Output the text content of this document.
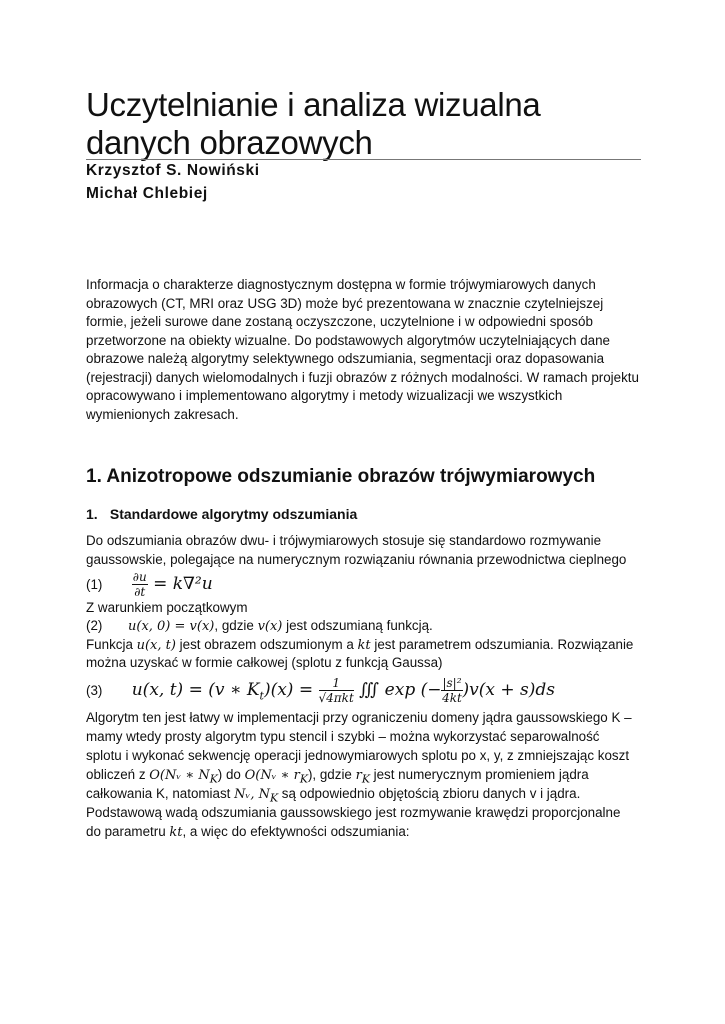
Uczytelnianie i analiza wizualna
danych obrazowych
Krzysztof S. Nowiński
Michał Chlebiej

Informacja o charakterze diagnostycznym dostępna w formie trójwymiarowych danych obrazowych (CT, MRI oraz USG 3D) może być prezentowana w znacznie czytelniejszej formie, jeżeli surowe dane zostaną oczyszczone, uczytelnione i w odpowiedni sposób przetworzone na obiekty wizualne. Do podstawowych algorytmów uczytelniających dane obrazowe należą algorytmy selektywnego odszumiania, segmentacji oraz dopasowania (rejestracji) danych wielomodalnych i fuzji obrazów z różnych modalności. W ramach projektu opracowywano i implementowano algorytmy i metody wizualizacji we wszystkich wymienionych zakresach.

1. Anizotropowe odszumianie obrazów trójwymiarowych
1. Standardowe algorytmy odszumiania

Do odszumiania obrazów dwu- i trójwymiarowych stosuje się standardowo rozmywanie gaussowskie, polegające na numerycznym rozwiązaniu równania przewodnictwa cieplnego

$(1) \frac{\partial u}{\partial t} = k\nabla^2u$
Z warunkiem początkowym
(2) u(x, 0) = v(x), gdzie v(x) jest odszumianą funkcją.
Funkcja u(x, t) jest obrazem odszumionym a kt jest parametrem odszumiania. Rozwiązanie
można uzyskać w formie całkowej (splotu z funkcją Gaussa)
(3) u(x, t) = (v ∗ $K_t)(x) = \frac{1}{\text{√4πkt}}$ ∭ exp (− $\frac{\text{|s|²}}{4kt} )v(x + s)ds$
Algorytm ten jest łatwy w implementacji przy ograniczeniu domeny jądra gaussowskiego K –
mamy wtedy prosty algorytm typu stencil i szybki – można wykorzystać separowalność
splotu i wykonać sekwencję operacji jednowymiarowych splotu po x, y, z zmniejszając koszt
obliczeń z O(Nᵥ ∗ $N_K$) do O(Nᵥ ∗ $r_K$), gdzie $r_K$ jest numerycznym promieniem jądra
całkowania K, natomiast Nᵥ, $N_K$ są odpowiednio objętością zbioru danych v i jądra.
Podstawową wadą odszumiania gaussowskiego jest rozmywanie krawędzi proporcjonalne
do parametru kt, a więc do efektywności odszumiania:
